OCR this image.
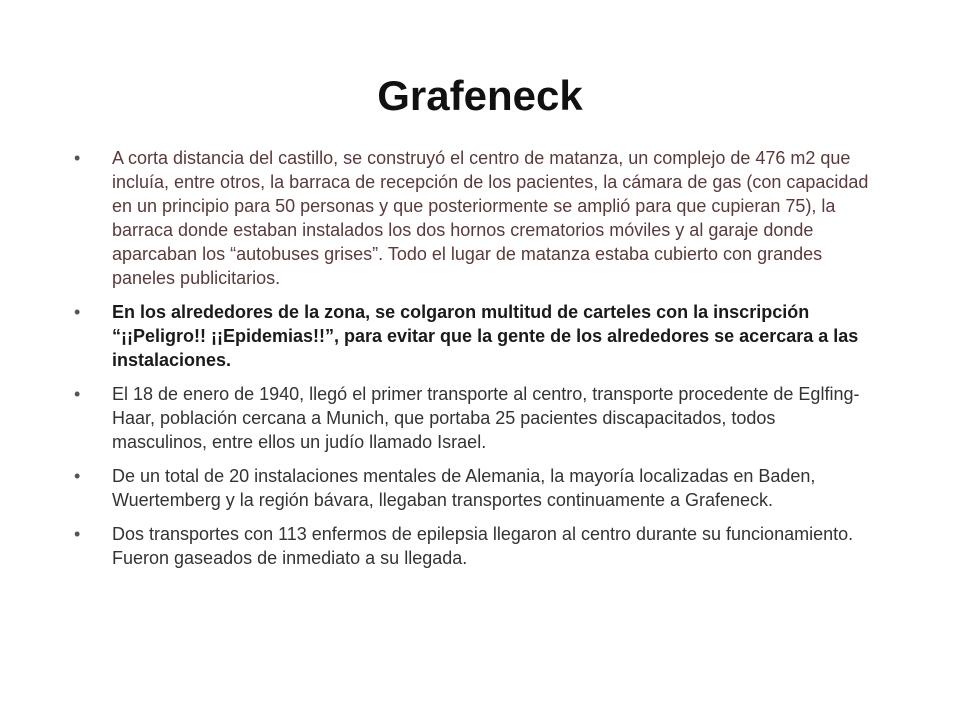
Grafeneck
• A corta distancia del castillo, se construyó el centro de matanza, un complejo de 476 m2 que incluía, entre otros, la barraca de recepción de los pacientes, la cámara de gas (con capacidad en un principio para 50 personas y que posteriormente se amplió para que cupieran 75), la barraca donde estaban instalados los dos hornos crematorios móviles y al garaje donde aparcaban los “autobuses grises”. Todo el lugar de matanza estaba cubierto con grandes paneles publicitarios.
• En los alrededores de la zona, se colgaron multitud de carteles con la inscripción “¡¡Peligro!! ¡¡Epidemias!!”, para evitar que la gente de los alrededores se acercara a las instalaciones.
• El 18 de enero de 1940, llegó el primer transporte al centro, transporte procedente de Eglfing-Haar, población cercana a Munich, que portaba 25 pacientes discapacitados, todos masculinos, entre ellos un judío llamado Israel.
• De un total de 20 instalaciones mentales de Alemania, la mayoría localizadas en Baden, Wuertemberg y la región bávara, llegaban transportes continuamente a Grafeneck.
• Dos transportes con 113 enfermos de epilepsia llegaron al centro durante su funcionamiento. Fueron gaseados de inmediato a su llegada.
